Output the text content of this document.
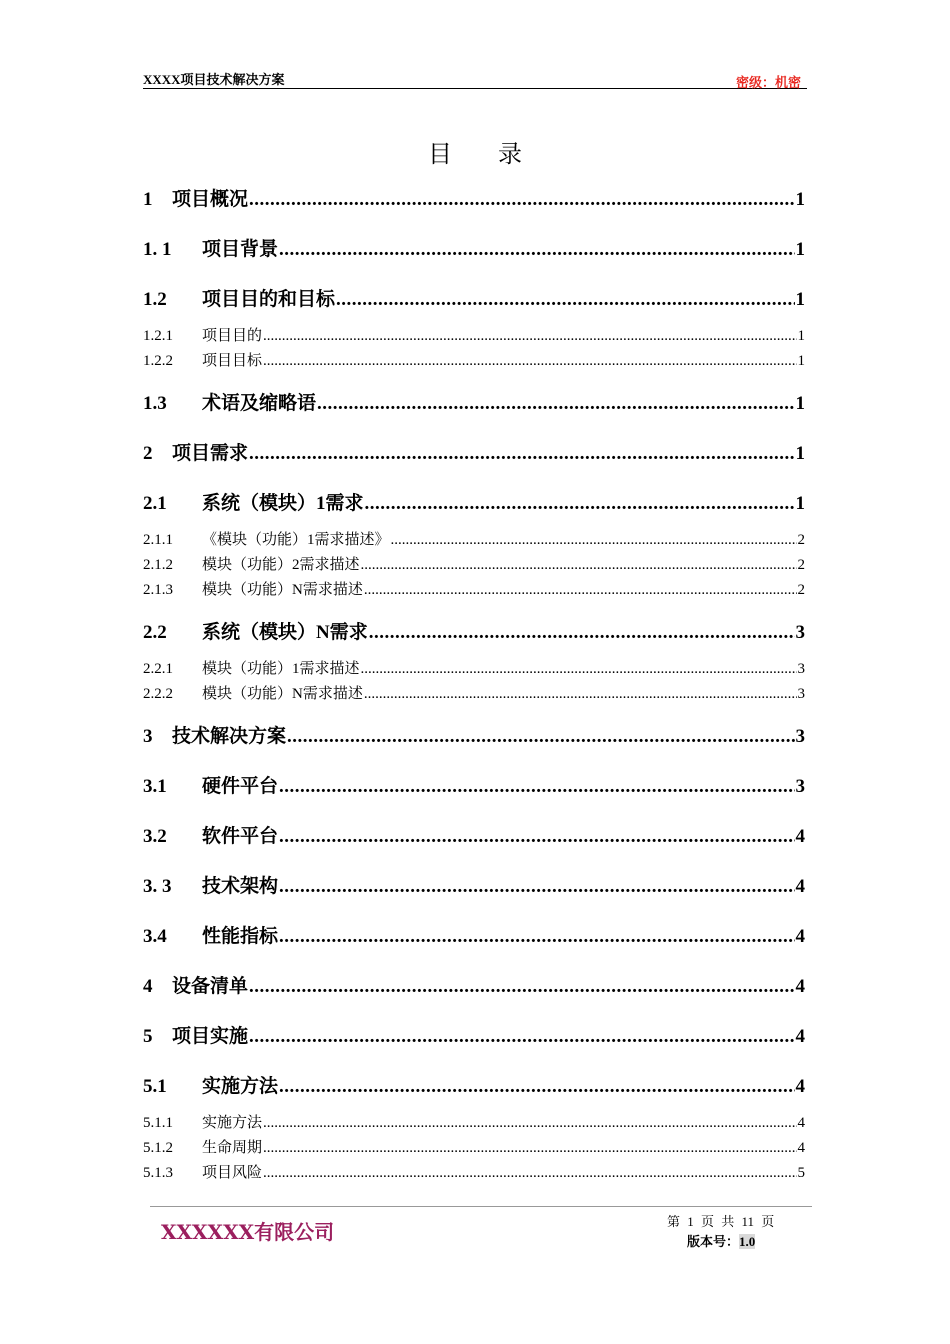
XXXX项目技术解决方案	密级：机密
目录
1	项目概况 .....	1
1. 1	项目背景 .....	1
1.2	项目目的和目标 .....	1
1.2.1	项目目的 .....	1
1.2.2	项目目标 .....	1
1.3	术语及缩略语 .....	1
2	项目需求 .....	1
2.1	系统（模块）1需求 .....	1
2.1.1	《模块（功能）1需求描述》 .....	2
2.1.2	模块（功能）2需求描述 .....	2
2.1.3	模块（功能）N需求描述 .....	2
2.2	系统（模块）N需求 .....	3
2.2.1	模块（功能）1需求描述 .....	3
2.2.2	模块（功能）N需求描述 .....	3
3	技术解决方案 .....	3
3.1	硬件平台 .....	3
3.2	软件平台 .....	4
3. 3	技术架构 .....	4
3.4	性能指标 .....	4
4	设备清单 .....	4
5	项目实施 .....	4
5.1	实施方法 .....	4
5.1.1	实施方法 .....	4
5.1.2	生命周期 .....	4
5.1.3	项目风险 .....	5
XXXXXX有限公司	第 1 页 共 11 页
版本号：1.0
